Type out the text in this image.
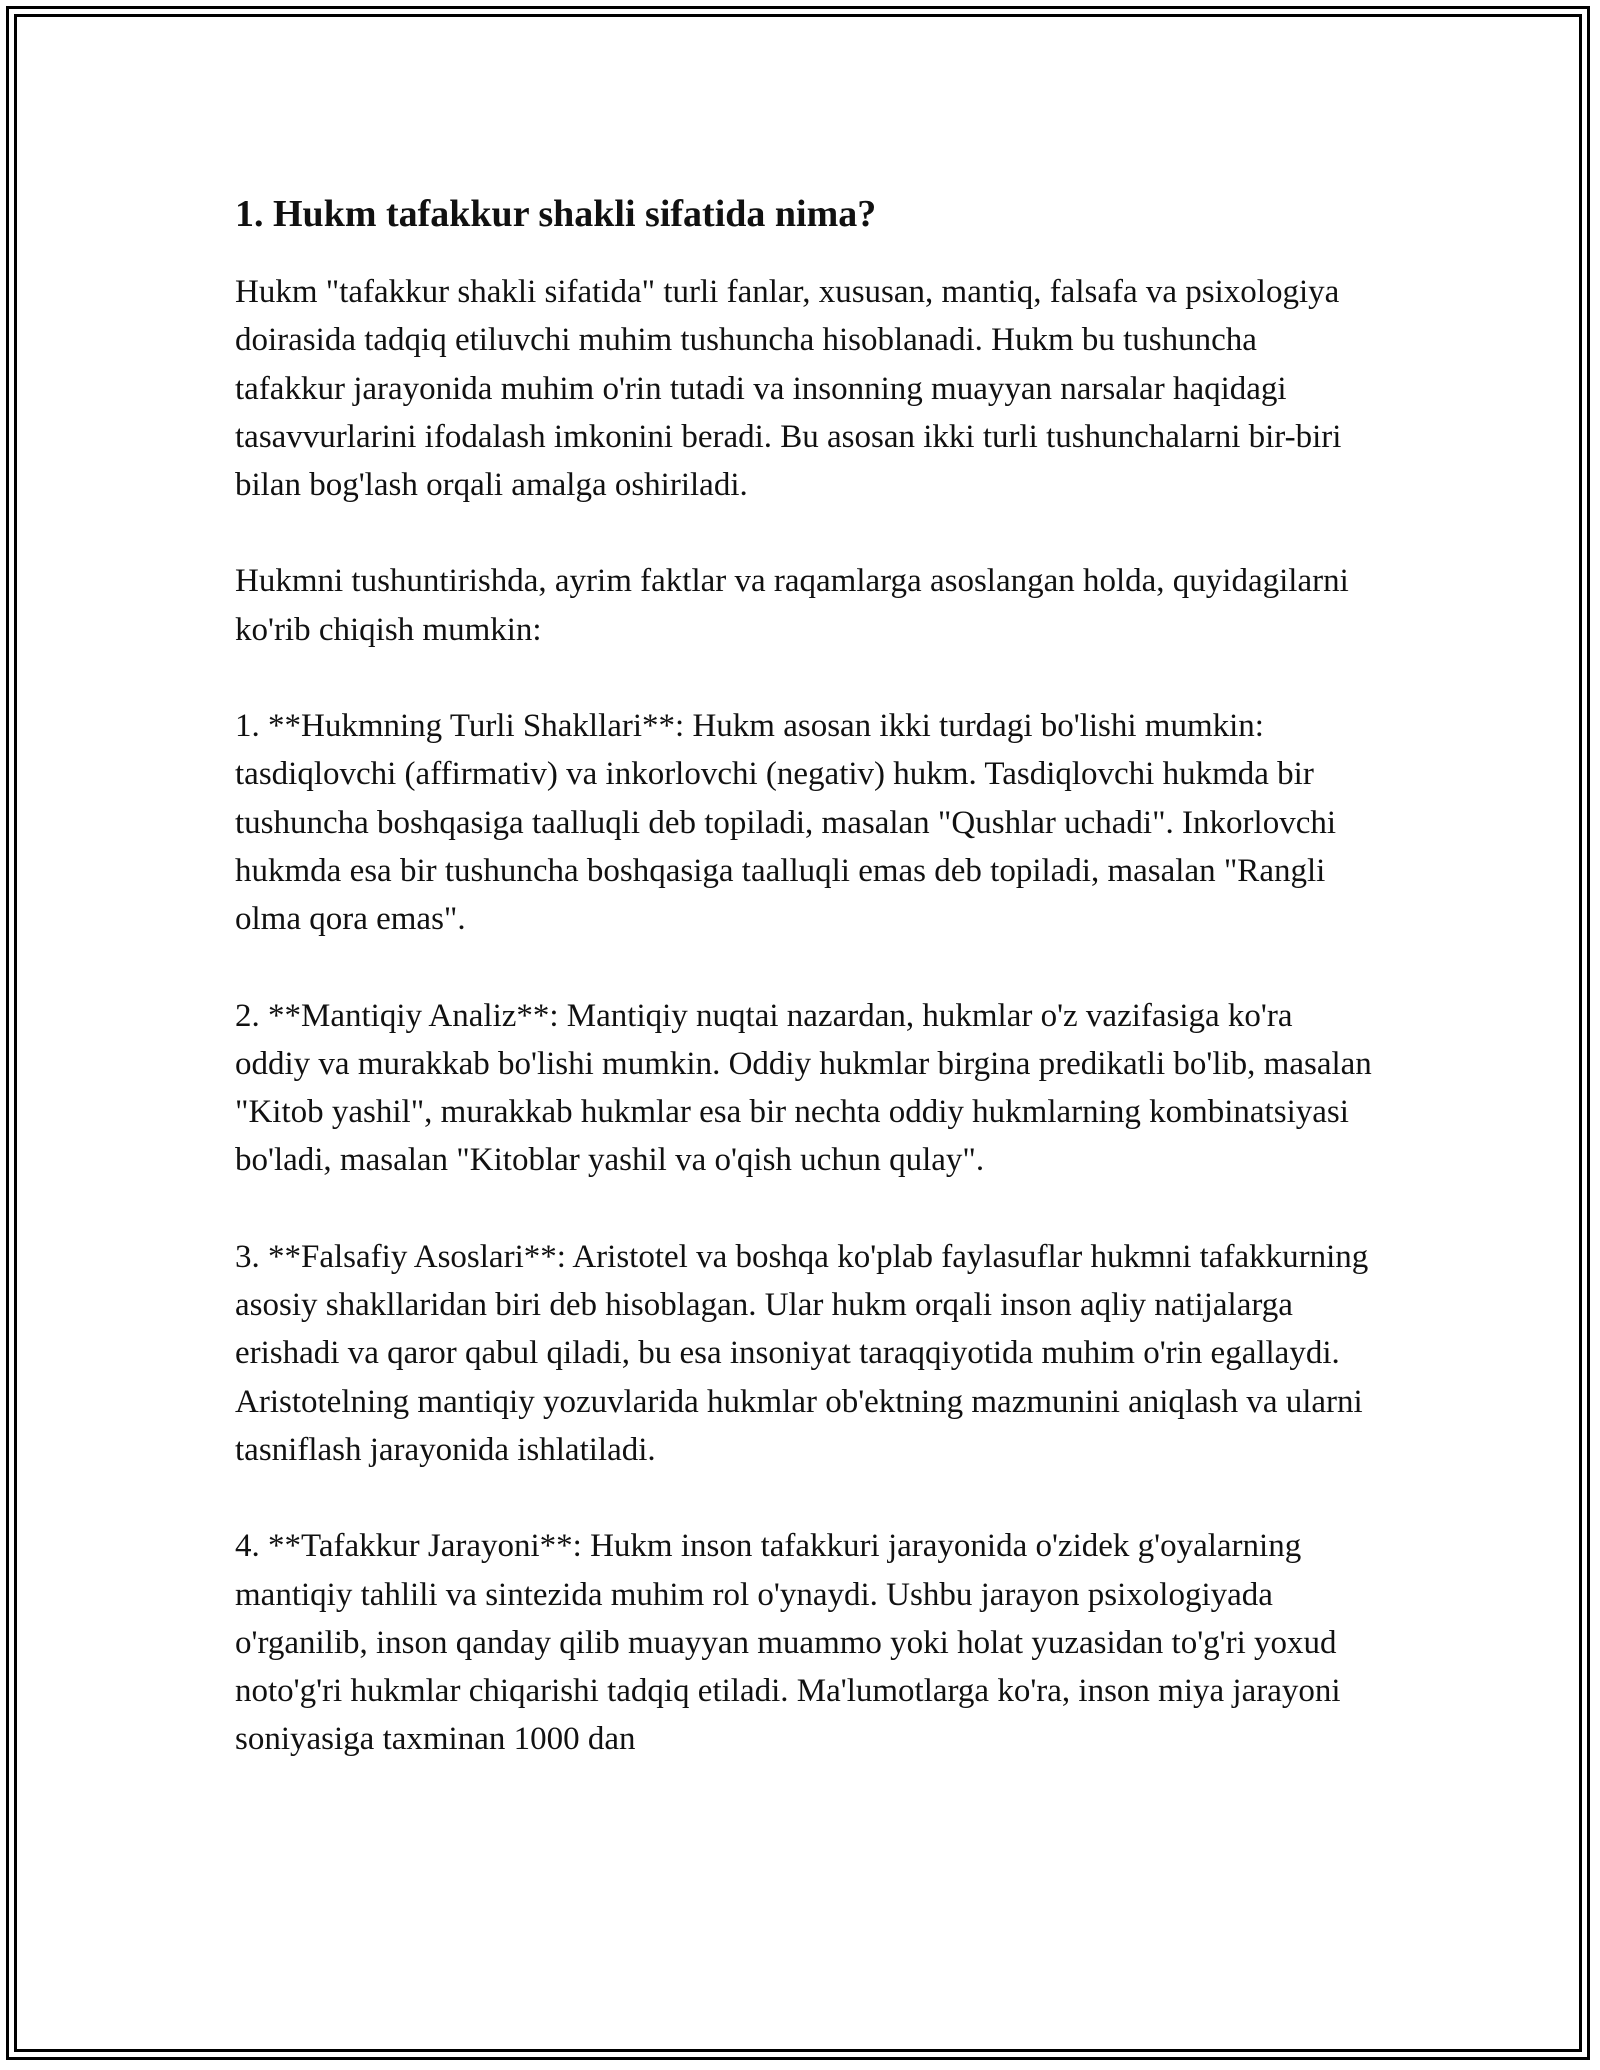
1. Hukm tafakkur shakli sifatida nima?

Hukm "tafakkur shakli sifatida" turli fanlar, xususan, mantiq, falsafa va psixologiya doirasida tadqiq etiluvchi muhim tushuncha hisoblanadi. Hukm bu tushuncha tafakkur jarayonida muhim o'rin tutadi va insonning muayyan narsalar haqidagi tasavvurlarini ifodalash imkonini beradi. Bu asosan ikki turli tushunchalarni bir-biri bilan bog'lash orqali amalga oshiriladi.

Hukmni tushuntirishda, ayrim faktlar va raqamlarga asoslangan holda, quyidagilarni ko'rib chiqish mumkin:

1. **Hukmning Turli Shakllari**: Hukm asosan ikki turdagi bo'lishi mumkin: tasdiqlovchi (affirmativ) va inkorlovchi (negativ) hukm. Tasdiqlovchi hukmda bir tushuncha boshqasiga taalluqli deb topiladi, masalan "Qushlar uchadi". Inkorlovchi hukmda esa bir tushuncha boshqasiga taalluqli emas deb topiladi, masalan "Rangli olma qora emas".

2. **Mantiqiy Analiz**: Mantiqiy nuqtai nazardan, hukmlar o'z vazifasiga ko'ra oddiy va murakkab bo'lishi mumkin. Oddiy hukmlar birgina predikatli bo'lib, masalan "Kitob yashil", murakkab hukmlar esa bir nechta oddiy hukmlarning kombinatsiyasi bo'ladi, masalan "Kitoblar yashil va o'qish uchun qulay".

3. **Falsafiy Asoslari**: Aristotel va boshqa ko'plab faylasuflar hukmni tafakkurning asosiy shakllaridan biri deb hisoblagan. Ular hukm orqali inson aqliy natijalarga erishadi va qaror qabul qiladi, bu esa insoniyat taraqqiyotida muhim o'rin egallaydi. Aristotelning mantiqiy yozuvlarida hukmlar ob'ektning mazmunini aniqlash va ularni tasniflash jarayonida ishlatiladi.

4. **Tafakkur Jarayoni**: Hukm inson tafakkuri jarayonida o'zidek g'oyalarning mantiqiy tahlili va sintezida muhim rol o'ynaydi. Ushbu jarayon psixologiyada o'rganilib, inson qanday qilib muayyan muammo yoki holat yuzasidan to'g'ri yoxud noto'g'ri hukmlar chiqarishi tadqiq etiladi. Ma'lumotlarga ko'ra, inson miya jarayoni soniyasiga taxminan 1000 dan
